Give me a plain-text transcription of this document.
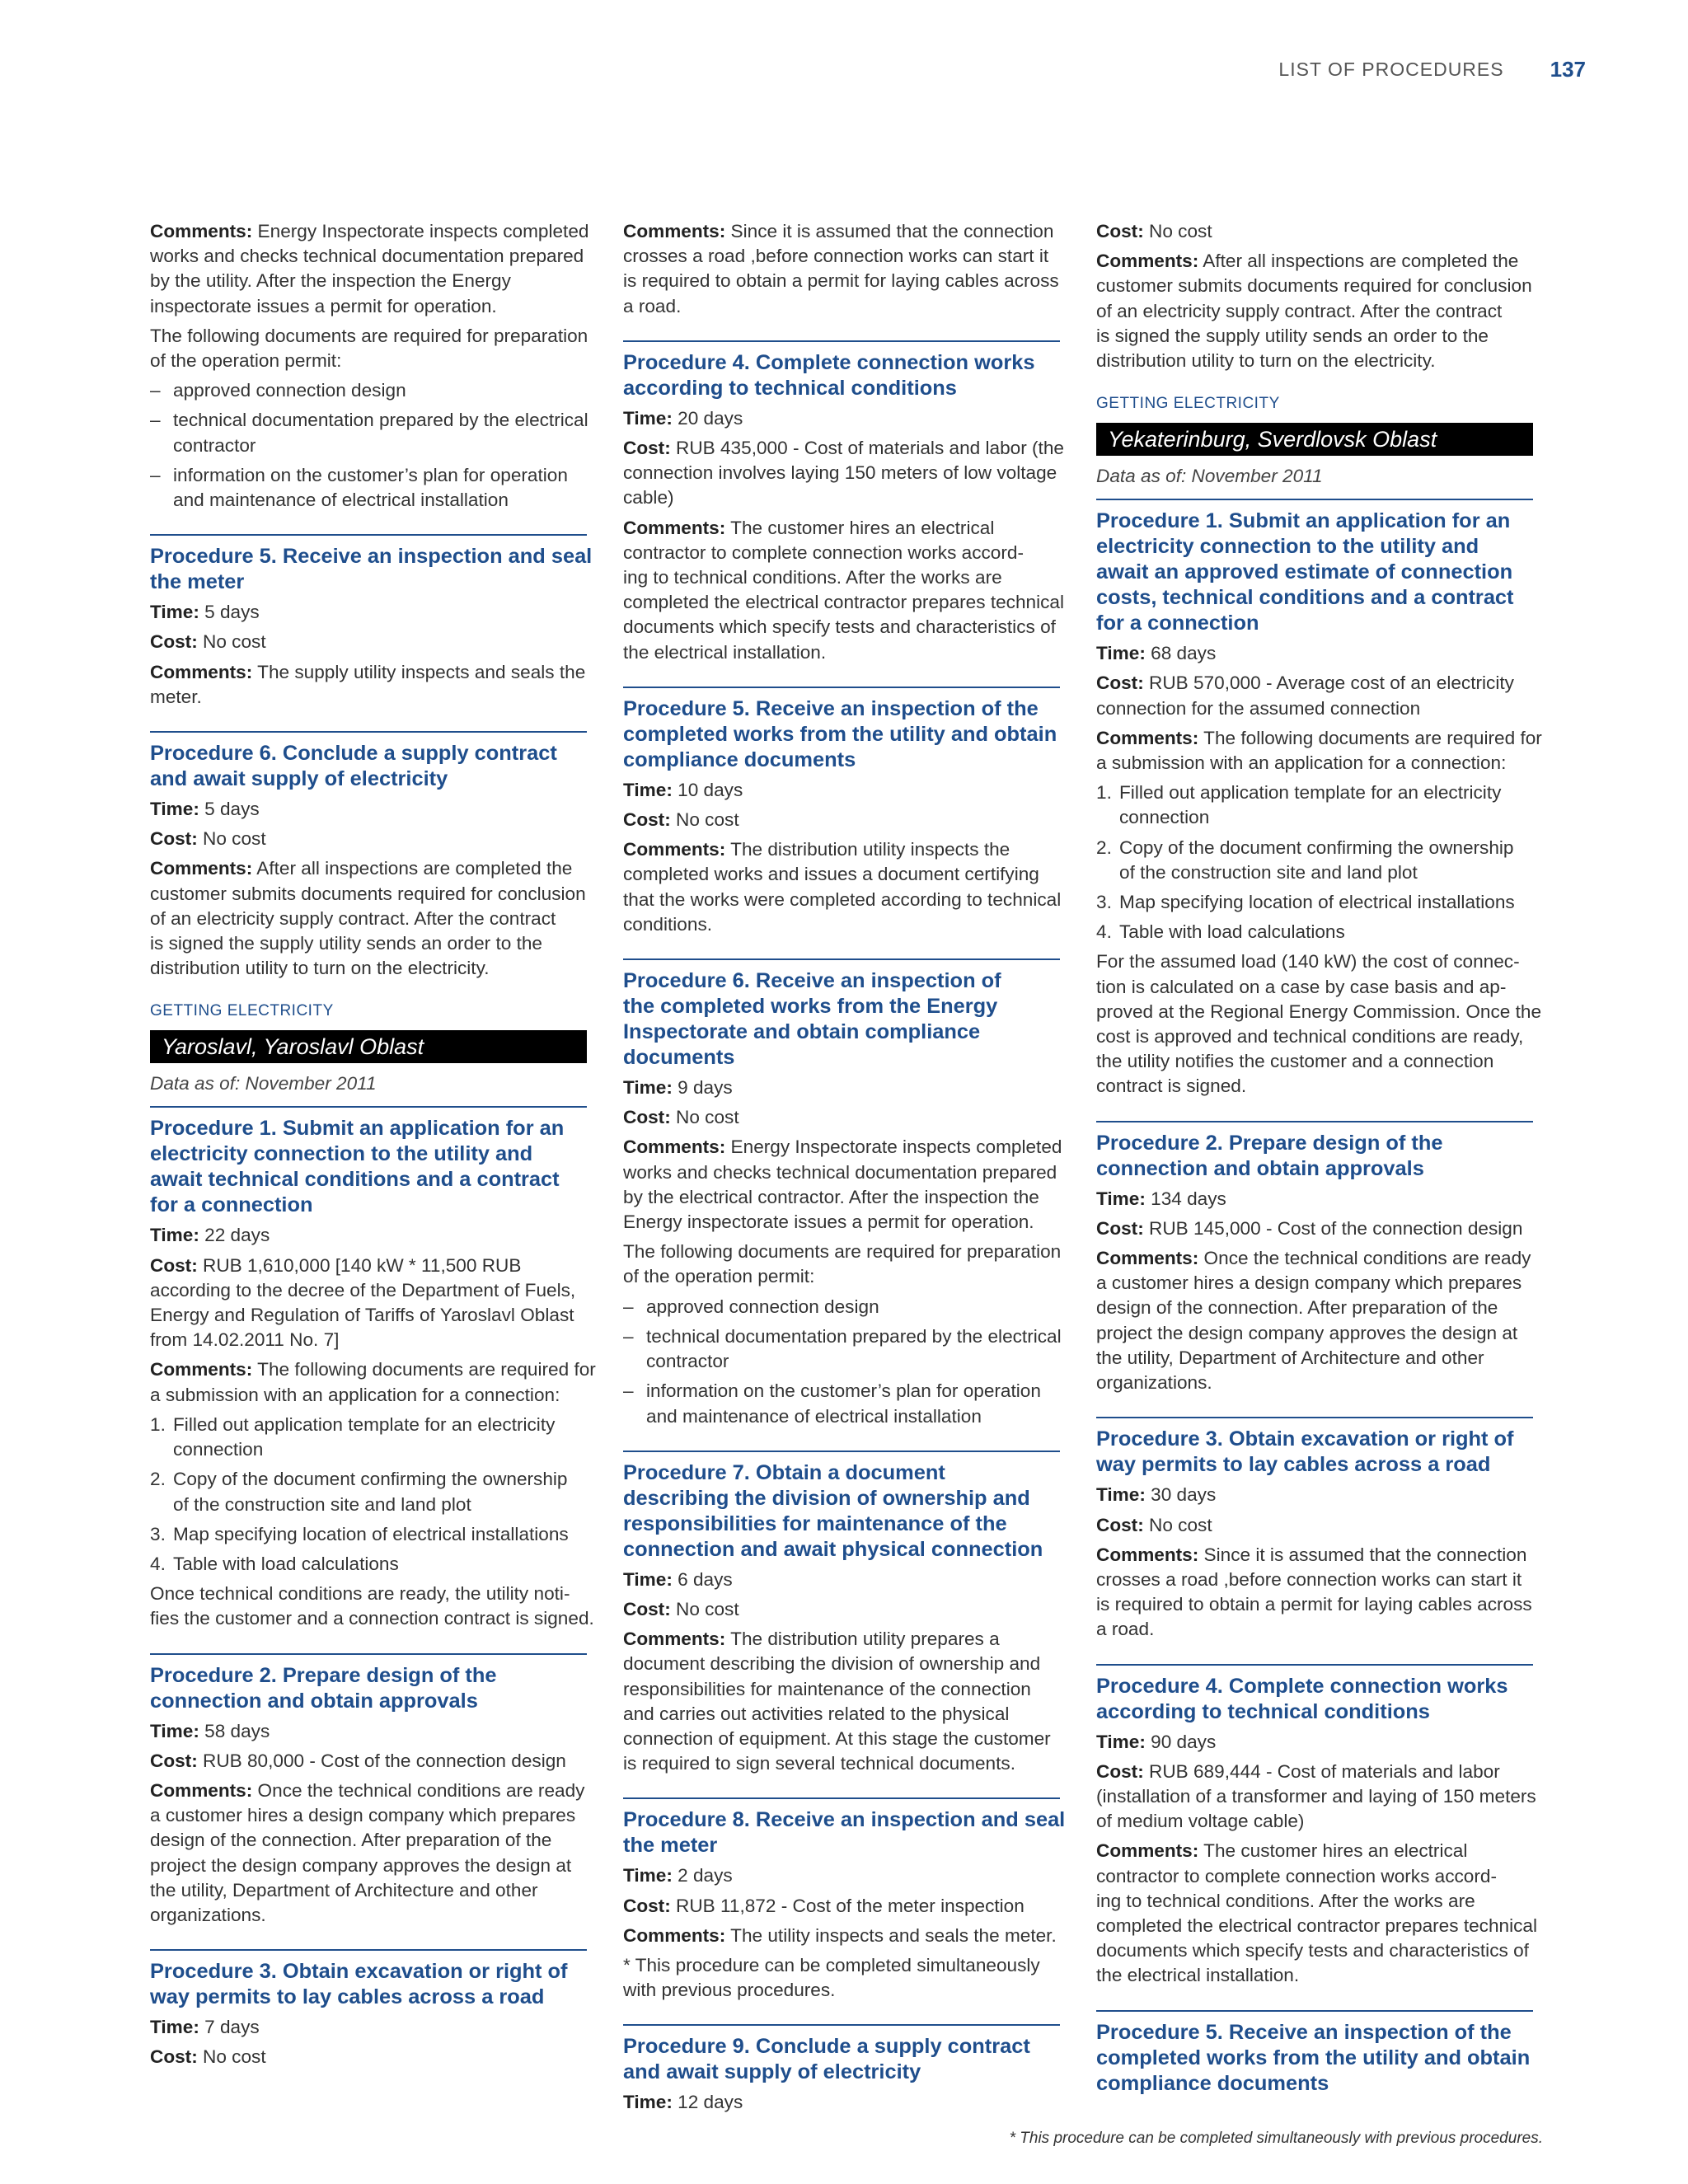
LIST OF PROCEDURES 137
Comments: Energy Inspectorate inspects completed
works and checks technical documentation prepared
by the utility. After the inspection the Energy
inspectorate issues a permit for operation.
The following documents are required for preparation
of the operation permit:
– approved connection design
– technical documentation prepared by the electrical
contractor
– information on the customer’s plan for operation
and maintenance of electrical installation
Procedure 5. Receive an inspection and seal
the meter
Time: 5 days
Cost: No cost
Comments: The supply utility inspects and seals the
meter.
Procedure 6. Conclude a supply contract
and await supply of electricity
Time: 5 days
Cost: No cost
Comments: After all inspections are completed the
customer submits documents required for conclusion
of an electricity supply contract. After the contract
is signed the supply utility sends an order to the
distribution utility to turn on the electricity.
GETTING ELECTRICITY
Yaroslavl, Yaroslavl Oblast
Data as of: November 2011
Procedure 1. Submit an application for an
electricity connection to the utility and
await technical conditions and a contract
for a connection
Time: 22 days
Cost: RUB 1,610,000 [140 kW * 11,500 RUB
according to the decree of the Department of Fuels,
Energy and Regulation of Tariffs of Yaroslavl Oblast
from 14.02.2011 No. 7]
Comments: The following documents are required for
a submission with an application for a connection:
1. Filled out application template for an electricity
connection
2. Copy of the document confirming the ownership
of the construction site and land plot
3. Map specifying location of electrical installations
4. Table with load calculations
Once technical conditions are ready, the utility noti-
fies the customer and a connection contract is signed.
Procedure 2. Prepare design of the
connection and obtain approvals
Time: 58 days
Cost: RUB 80,000 - Cost of the connection design
Comments: Once the technical conditions are ready
a customer hires a design company which prepares
design of the connection. After preparation of the
project the design company approves the design at
the utility, Department of Architecture and other
organizations.
Procedure 3. Obtain excavation or right of
way permits to lay cables across a road
Time: 7 days
Cost: No cost
Comments: Since it is assumed that the connection
crosses a road ,before connection works can start it
is required to obtain a permit for laying cables across
a road.
Procedure 4. Complete connection works
according to technical conditions
Time: 20 days
Cost: RUB 435,000 - Cost of materials and labor (the
connection involves laying 150 meters of low voltage
cable)
Comments: The customer hires an electrical
contractor to complete connection works accord-
ing to technical conditions. After the works are
completed the electrical contractor prepares technical
documents which specify tests and characteristics of
the electrical installation.
Procedure 5. Receive an inspection of the
completed works from the utility and obtain
compliance documents
Time: 10 days
Cost: No cost
Comments: The distribution utility inspects the
completed works and issues a document certifying
that the works were completed according to technical
conditions.
Procedure 6. Receive an inspection of
the completed works from the Energy
Inspectorate and obtain compliance
documents
Time: 9 days
Cost: No cost
Comments: Energy Inspectorate inspects completed
works and checks technical documentation prepared
by the electrical contractor. After the inspection the
Energy inspectorate issues a permit for operation.
The following documents are required for preparation
of the operation permit:
– approved connection design
– technical documentation prepared by the electrical
contractor
– information on the customer’s plan for operation
and maintenance of electrical installation
Procedure 7. Obtain a document
describing the division of ownership and
responsibilities for maintenance of the
connection and await physical connection
Time: 6 days
Cost: No cost
Comments: The distribution utility prepares a
document describing the division of ownership and
responsibilities for maintenance of the connection
and carries out activities related to the physical
connection of equipment. At this stage the customer
is required to sign several technical documents.
Procedure 8. Receive an inspection and seal
the meter
Time: 2 days
Cost: RUB 11,872 - Cost of the meter inspection
Comments: The utility inspects and seals the meter.
* This procedure can be completed simultaneously
with previous procedures.
Procedure 9. Conclude a supply contract
and await supply of electricity
Time: 12 days
Cost: No cost
Comments: After all inspections are completed the
customer submits documents required for conclusion
of an electricity supply contract. After the contract
is signed the supply utility sends an order to the
distribution utility to turn on the electricity.
GETTING ELECTRICITY
Yekaterinburg, Sverdlovsk Oblast
Data as of: November 2011
Procedure 1. Submit an application for an
electricity connection to the utility and
await an approved estimate of connection
costs, technical conditions and a contract
for a connection
Time: 68 days
Cost: RUB 570,000 - Average cost of an electricity
connection for the assumed connection
Comments: The following documents are required for
a submission with an application for a connection:
1. Filled out application template for an electricity
connection
2. Copy of the document confirming the ownership
of the construction site and land plot
3. Map specifying location of electrical installations
4. Table with load calculations
For the assumed load (140 kW) the cost of connec-
tion is calculated on a case by case basis and ap-
proved at the Regional Energy Commission. Once the
cost is approved and technical conditions are ready,
the utility notifies the customer and a connection
contract is signed.
Procedure 2. Prepare design of the
connection and obtain approvals
Time: 134 days
Cost: RUB 145,000 - Cost of the connection design
Comments: Once the technical conditions are ready
a customer hires a design company which prepares
design of the connection. After preparation of the
project the design company approves the design at
the utility, Department of Architecture and other
organizations.
Procedure 3. Obtain excavation or right of
way permits to lay cables across a road
Time: 30 days
Cost: No cost
Comments: Since it is assumed that the connection
crosses a road ,before connection works can start it
is required to obtain a permit for laying cables across
a road.
Procedure 4. Complete connection works
according to technical conditions
Time: 90 days
Cost: RUB 689,444 - Cost of materials and labor
(installation of a transformer and laying of 150 meters
of medium voltage cable)
Comments: The customer hires an electrical
contractor to complete connection works accord-
ing to technical conditions. After the works are
completed the electrical contractor prepares technical
documents which specify tests and characteristics of
the electrical installation.
Procedure 5. Receive an inspection of the
completed works from the utility and obtain
compliance documents
* This procedure can be completed simultaneously with previous procedures.
